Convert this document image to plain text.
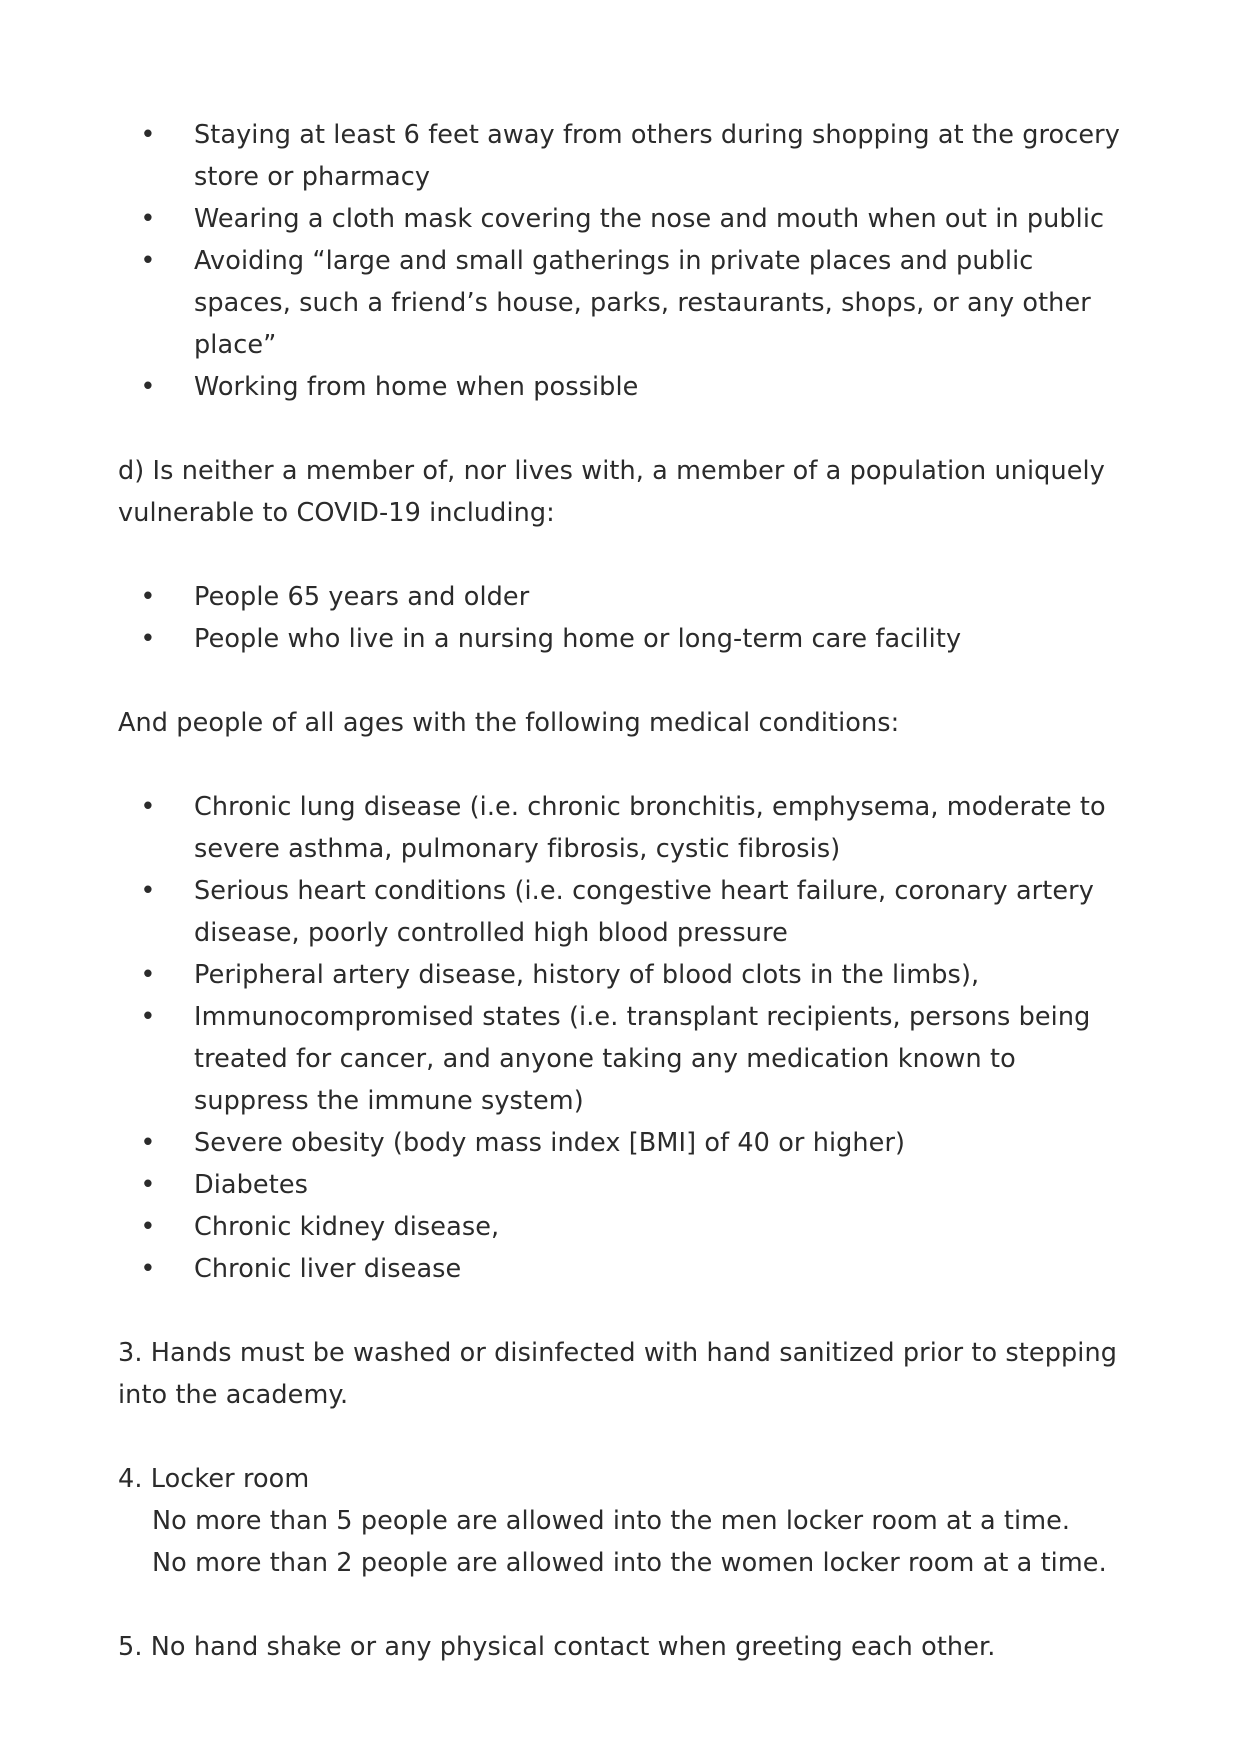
• Staying at least 6 feet away from others during shopping at the grocery store or pharmacy
• Wearing a cloth mask covering the nose and mouth when out in public
• Avoiding “large and small gatherings in private places and public spaces, such a friend’s house, parks, restaurants, shops, or any other place”
• Working from home when possible

d) Is neither a member of, nor lives with, a member of a population uniquely vulnerable to COVID-19 including:

• People 65 years and older
• People who live in a nursing home or long-term care facility

And people of all ages with the following medical conditions:

• Chronic lung disease (i.e. chronic bronchitis, emphysema, moderate to severe asthma, pulmonary fibrosis, cystic fibrosis)
• Serious heart conditions (i.e. congestive heart failure, coronary artery disease, poorly controlled high blood pressure
• Peripheral artery disease, history of blood clots in the limbs),
• Immunocompromised states (i.e. transplant recipients, persons being treated for cancer, and anyone taking any medication known to suppress the immune system)
• Severe obesity (body mass index [BMI] of 40 or higher)
• Diabetes
• Chronic kidney disease,
• Chronic liver disease

3. Hands must be washed or disinfected with hand sanitized prior to stepping into the academy.

4. Locker room

No more than 5 people are allowed into the men locker room at a time.

No more than 2 people are allowed into the women locker room at a time.

5. No hand shake or any physical contact when greeting each other.
